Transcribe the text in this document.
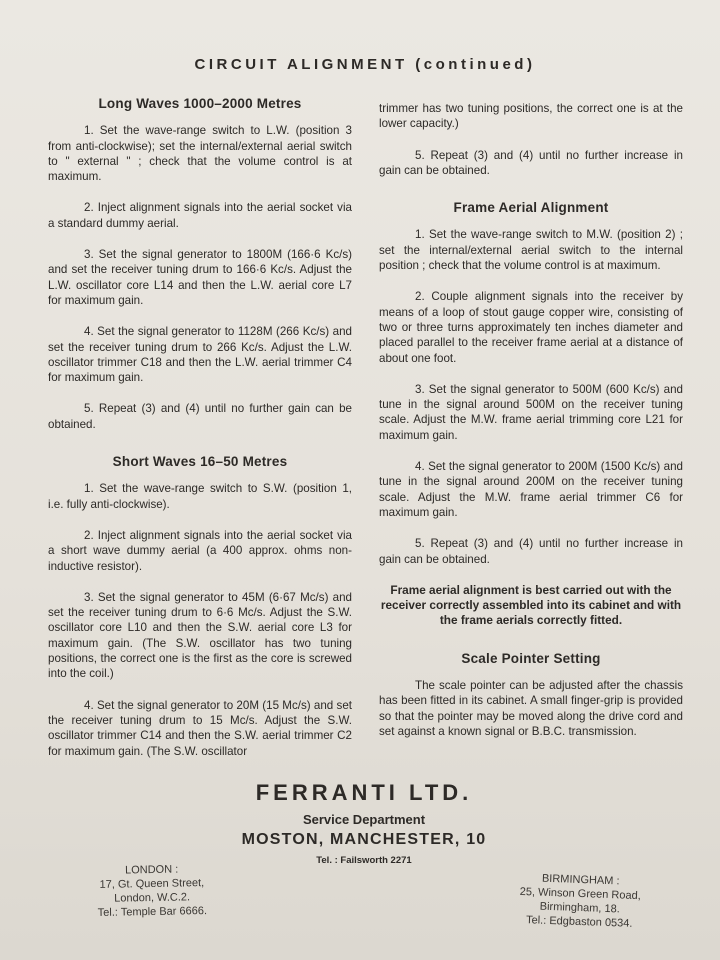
CIRCUIT ALIGNMENT (continued)
Long Waves 1000–2000 Metres

1. Set the wave-range switch to L.W. (position 3 from anti-clockwise); set the internal/external aerial switch to " external " ; check that the volume control is at maximum.

2. Inject alignment signals into the aerial socket via a standard dummy aerial.

3. Set the signal generator to 1800M (166·6 Kc/s) and set the receiver tuning drum to 166·6 Kc/s. Adjust the L.W. oscillator core L14 and then the L.W. aerial core L7 for maximum gain.

4. Set the signal generator to 1128M (266 Kc/s) and set the receiver tuning drum to 266 Kc/s. Adjust the L.W. oscillator trimmer C18 and then the L.W. aerial trimmer C4 for maximum gain.

5. Repeat (3) and (4) until no further gain can be obtained.

Short Waves 16–50 Metres

1. Set the wave-range switch to S.W. (position 1, i.e. fully anti-clockwise).

2. Inject alignment signals into the aerial socket via a short wave dummy aerial (a 400 approx. ohms non-inductive resistor).

3. Set the signal generator to 45M (6·67 Mc/s) and set the receiver tuning drum to 6·6 Mc/s. Adjust the S.W. oscillator core L10 and then the S.W. aerial core L3 for maximum gain. (The S.W. oscillator has two tuning positions, the correct one is the first as the core is screwed into the coil.)

4. Set the signal generator to 20M (15 Mc/s) and set the receiver tuning drum to 15 Mc/s. Adjust the S.W. oscillator trimmer C14 and then the S.W. aerial trimmer C2 for maximum gain. (The S.W. oscillator

trimmer has two tuning positions, the correct one is at the lower capacity.)

5. Repeat (3) and (4) until no further increase in gain can be obtained.

Frame Aerial Alignment

1. Set the wave-range switch to M.W. (position 2) ; set the internal/external aerial switch to the internal position ; check that the volume control is at maximum.

2. Couple alignment signals into the receiver by means of a loop of stout gauge copper wire, consisting of two or three turns approximately ten inches diameter and placed parallel to the receiver frame aerial at a distance of about one foot.

3. Set the signal generator to 500M (600 Kc/s) and tune in the signal around 500M on the receiver tuning scale. Adjust the M.W. frame aerial trimming core L21 for maximum gain.

4. Set the signal generator to 200M (1500 Kc/s) and tune in the signal around 200M on the receiver tuning scale. Adjust the M.W. frame aerial trimmer C6 for maximum gain.

5. Repeat (3) and (4) until no further increase in gain can be obtained.

Frame aerial alignment is best carried out with the receiver correctly assembled into its cabinet and with the frame aerials correctly fitted.

Scale Pointer Setting

The scale pointer can be adjusted after the chassis has been fitted in its cabinet. A small finger-grip is provided so that the pointer may be moved along the drive cord and set against a known signal or B.B.C. transmission.

FERRANTI LTD.
Service Department
MOSTON, MANCHESTER, 10
Tel. : Failsworth 2271
LONDON :
17, Gt. Queen Street,
London, W.C.2.
Tel.: Temple Bar 6666.
BIRMINGHAM :
25, Winson Green Road,
Birmingham, 18.
Tel.: Edgbaston 0534.
